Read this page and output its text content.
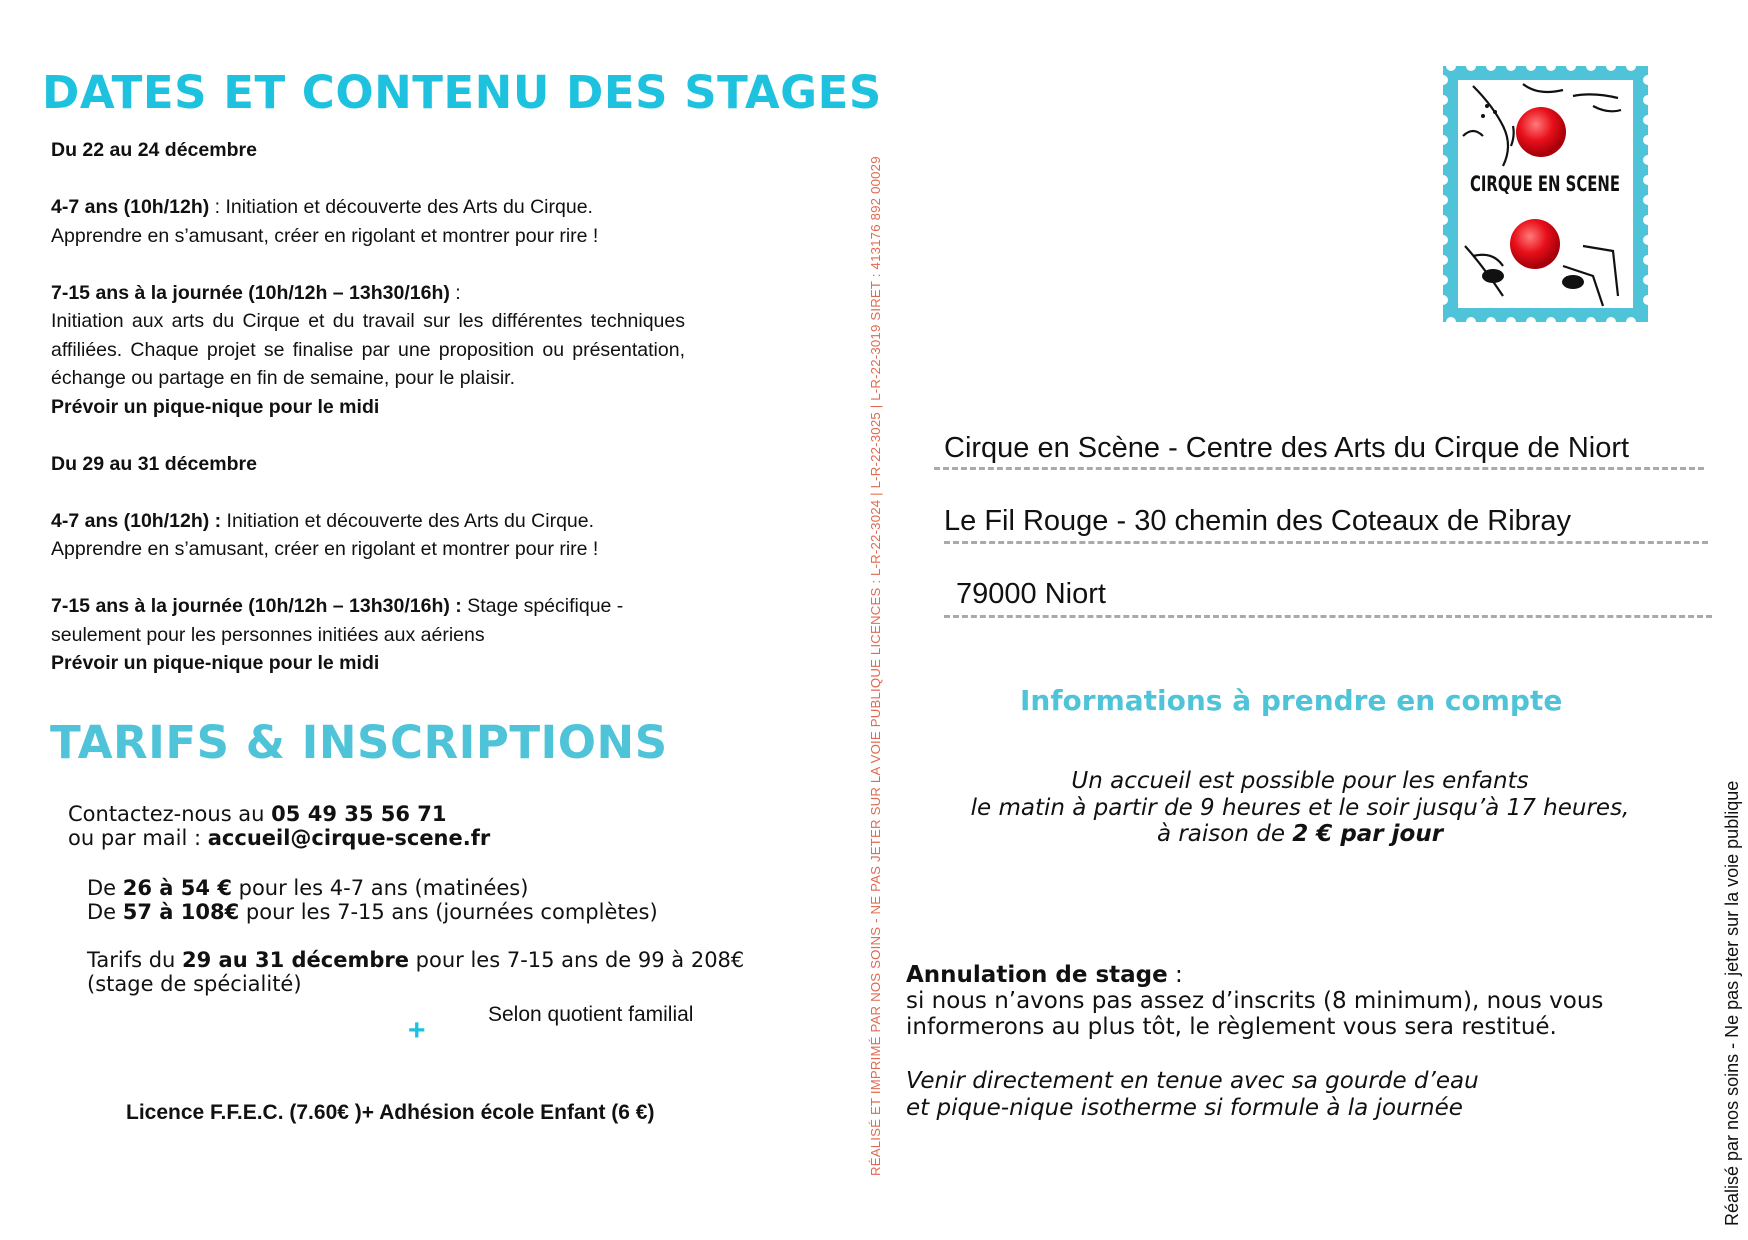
DATES ET CONTENU DES STAGES

Du 22 au 24 décembre

4-7 ans (10h/12h) : Initiation et découverte des Arts du Cirque. Apprendre en s’amusant, créer en rigolant et montrer pour rire !

7-15 ans à la journée (10h/12h – 13h30/16h) :

Initiation aux arts du Cirque et du travail sur les différentes techniques affiliées. Chaque projet se finalise par une proposition ou présentation, échange ou partage en fin de semaine, pour le plaisir.

Prévoir un pique-nique pour le midi

Du 29 au 31 décembre

4-7 ans (10h/12h) : Initiation et découverte des Arts du Cirque. Apprendre en s’amusant, créer en rigolant et montrer pour rire !

7-15 ans à la journée (10h/12h – 13h30/16h) : Stage spécifique - seulement pour les personnes initiées aux aériens

Prévoir un pique-nique pour le midi

TARIFS & INSCRIPTIONS
Contactez-nous au 05 49 35 56 71
ou par mail : accueil@cirque-scene.fr
De 26 à 54 € pour les 4-7 ans (matinées)
De 57 à 108€ pour les 7-15 ans (journées complètes)
Tarifs du 29 au 31 décembre pour les 7-15 ans de 99 à 208€ (stage de spécialité)
Selon quotient familial
+
Licence F.F.E.C. (7.60€ )+ Adhésion école Enfant (6 €)	RÉALISÉ ET IMPRIMÉ PAR NOS SOINS - NE PAS JETER SUR LA VOIE PUBLIQUE LICENCES : L-R-22-3024 | L-R-22-3025 | L-R-22-3019 SIRET : 413176 892 00029	Réalisé par nos soins - Ne pas jeter sur la voie publique
CIRQUE EN SCENE
Cirque en Scène - Centre des Arts du Cirque de Niort
Le Fil Rouge - 30 chemin des Coteaux de Ribray
79000 Niort
Informations à prendre en compte
Un accueil est possible pour les enfants
le matin à partir de 9 heures et le soir jusqu’à 17 heures,
à raison de 2 € par jour
Annulation de stage :
si nous n’avons pas assez d’inscrits (8 minimum), nous vous informerons au plus tôt, le règlement vous sera restitué.
Venir directement en tenue avec sa gourde d’eau
et pique-nique isotherme si formule à la journée
